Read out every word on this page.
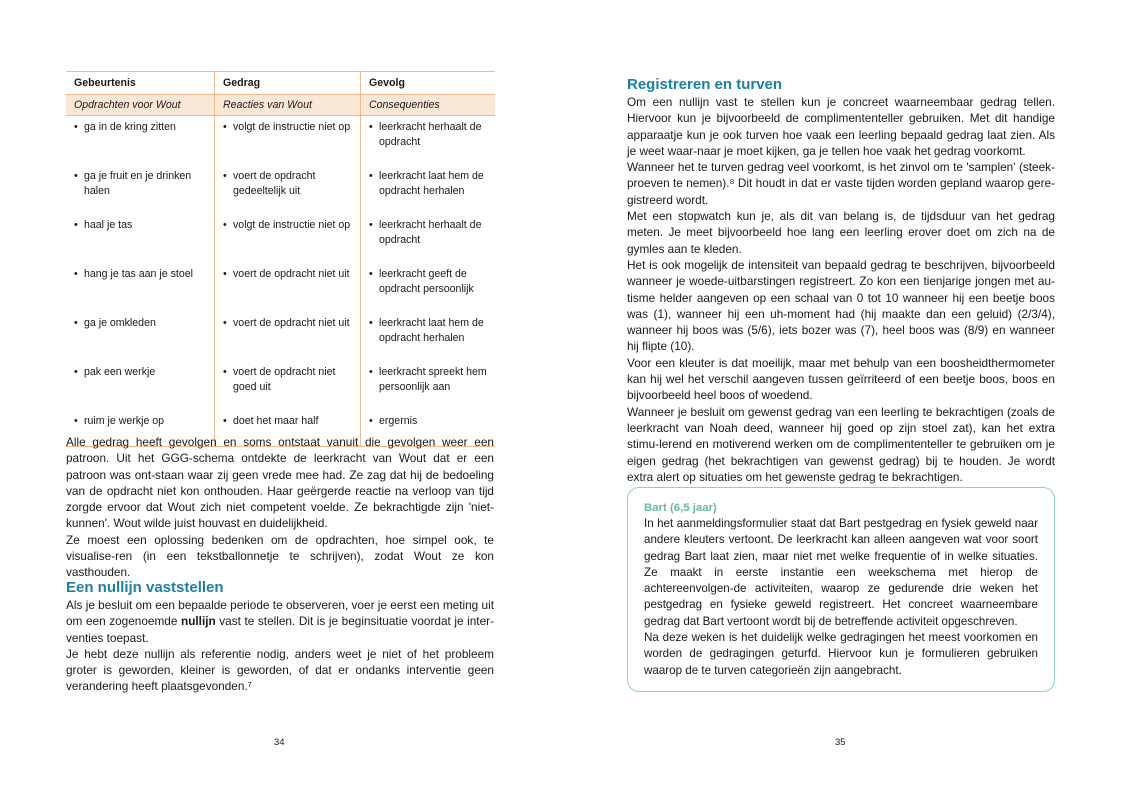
Gebeurtenis	Gedrag	Gevolg
Opdrachten voor Wout	Reacties van Wout	Consequenties

• ga in de kring zitten	• volgt de instructie niet op	• leerkracht herhaalt de opdracht

• ga je fruit en je drinken halen	• voert de opdracht gedeeltelijk uit	• leerkracht laat hem de opdracht herhalen

• haal je tas	• volgt de instructie niet op	• leerkracht herhaalt de opdracht

• hang je tas aan je stoel	• voert de opdracht niet uit	• leerkracht geeft de opdracht persoonlijk

• ga je omkleden	• voert de opdracht niet uit	• leerkracht laat hem de opdracht herhalen

• pak een werkje	• voert de opdracht niet goed uit	• leerkracht spreekt hem persoonlijk aan

• ruim je werkje op	• doet het maar half	• ergernis

Alle gedrag heeft gevolgen en soms ontstaat vanuit die gevolgen weer een patroon. Uit het GGG-schema ontdekte de leerkracht van Wout dat er een patroon was ont-staan waar zij geen vrede mee had. Ze zag dat hij de bedoeling van de opdracht niet kon onthouden. Haar geërgerde reactie na verloop van tijd zorgde ervoor dat Wout zich niet competent voelde. Ze bekrachtigde zijn 'niet-kunnen'. Wout wilde juist houvast en duidelijkheid.

Ze moest een oplossing bedenken om de opdrachten, hoe simpel ook, te visualise-ren (in een tekstballonnetje te schrijven), zodat Wout ze kon vasthouden.

Een nullijn vaststellen

Als je besluit om een bepaalde periode te observeren, voer je eerst een meting uit om een zogenoemde nullijn vast te stellen. Dit is je beginsituatie voordat je inter-venties toepast.

Je hebt deze nullijn als referentie nodig, anders weet je niet of het probleem groter is geworden, kleiner is geworden, of dat er ondanks interventie geen verandering heeft plaatsgevonden.⁷

34
Registreren en turven

Om een nullijn vast te stellen kun je concreet waarneembaar gedrag tellen. Hiervoor kun je bijvoorbeeld de complimententeller gebruiken. Met dit handige apparaatje kun je ook turven hoe vaak een leerling bepaald gedrag laat zien. Als je weet waar-naar je moet kijken, ga je tellen hoe vaak het gedrag voorkomt.

Wanneer het te turven gedrag veel voorkomt, is het zinvol om te 'samplen' (steek-proeven te nemen).⁸ Dit houdt in dat er vaste tijden worden gepland waarop gere-gistreerd wordt.

Met een stopwatch kun je, als dit van belang is, de tijdsduur van het gedrag meten. Je meet bijvoorbeeld hoe lang een leerling erover doet om zich na de gymles aan te kleden.

Het is ook mogelijk de intensiteit van bepaald gedrag te beschrijven, bijvoorbeeld wanneer je woede-uitbarstingen registreert. Zo kon een tienjarige jongen met au-tisme helder aangeven op een schaal van 0 tot 10 wanneer hij een beetje boos was (1), wanneer hij een uh-moment had (hij maakte dan een geluid) (2/3/4), wanneer hij boos was (5/6), iets bozer was (7), heel boos was (8/9) en wanneer hij flipte (10).

Voor een kleuter is dat moeilijk, maar met behulp van een boosheidthermometer kan hij wel het verschil aangeven tussen geïrriteerd of een beetje boos, boos en bijvoorbeeld heel boos of woedend.

Wanneer je besluit om gewenst gedrag van een leerling te bekrachtigen (zoals de leerkracht van Noah deed, wanneer hij goed op zijn stoel zat), kan het extra stimu-lerend en motiverend werken om de complimententeller te gebruiken om je eigen gedrag (het bekrachtigen van gewenst gedrag) bij te houden. Je wordt extra alert op situaties om het gewenste gedrag te bekrachtigen.

Bart (6,5 jaar)

In het aanmeldingsformulier staat dat Bart pestgedrag en fysiek geweld naar andere kleuters vertoont. De leerkracht kan alleen aangeven wat voor soort gedrag Bart laat zien, maar niet met welke frequentie of in welke situaties. Ze maakt in eerste instantie een weekschema met hierop de achtereenvolgen-de activiteiten, waarop ze gedurende drie weken het pestgedrag en fysieke geweld registreert. Het concreet waarneembare gedrag dat Bart vertoont wordt bij de betreffende activiteit opgeschreven.

Na deze weken is het duidelijk welke gedragingen het meest voorkomen en worden de gedragingen geturfd. Hiervoor kun je formulieren gebruiken waarop de te turven categorieën zijn aangebracht.

35
